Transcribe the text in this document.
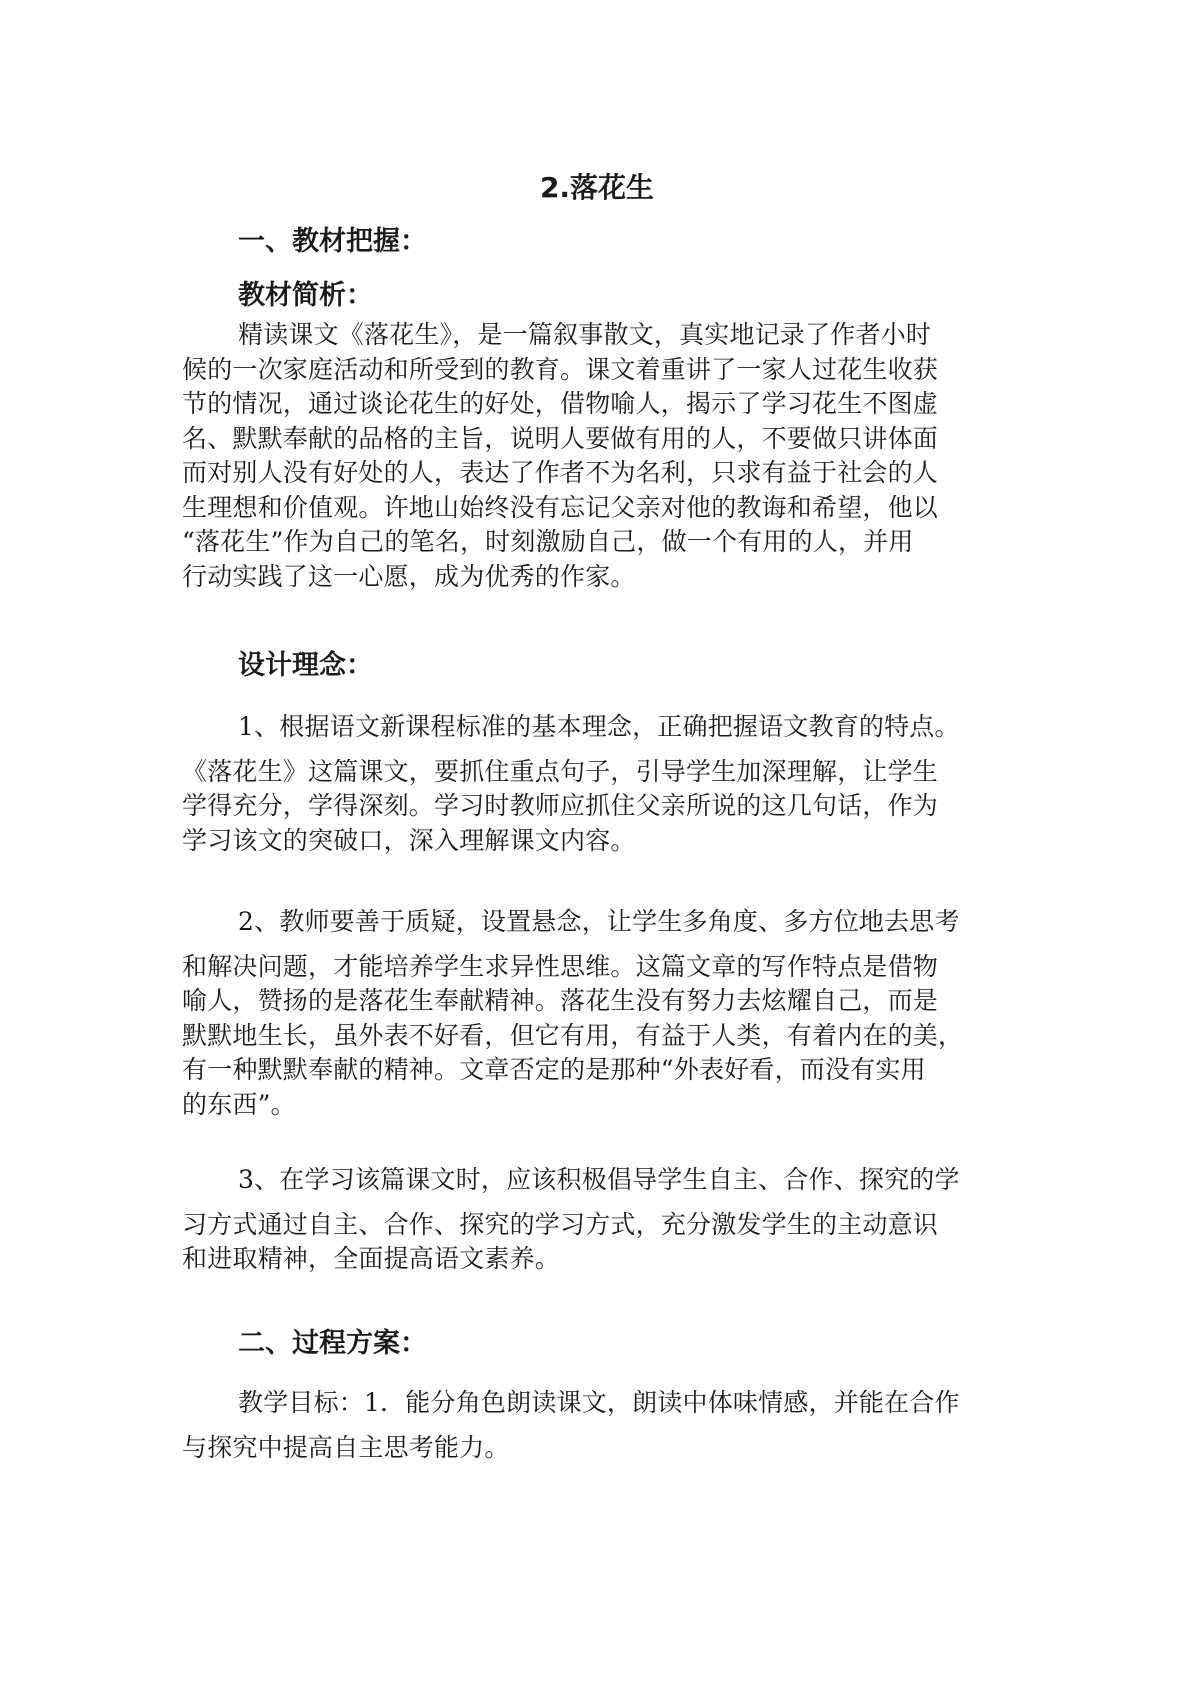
2.落花生
一、教材把握：
教材简析：
精读课文《落花生》，是一篇叙事散文，真实地记录了作者小时
候的一次家庭活动和所受到的教育。课文着重讲了一家人过花生收获
节的情况，通过谈论花生的好处，借物喻人，揭示了学习花生不图虚
名、默默奉献的品格的主旨，说明人要做有用的人，不要做只讲体面
而对别人没有好处的人，表达了作者不为名利，只求有益于社会的人
生理想和价值观。许地山始终没有忘记父亲对他的教诲和希望，他以
“落花生”作为自己的笔名，时刻激励自己，做一个有用的人，并用
行动实践了这一心愿，成为优秀的作家。
设计理念：
1、根据语文新课程标准的基本理念，正确把握语文教育的特点。
《落花生》这篇课文，要抓住重点句子，引导学生加深理解，让学生
学得充分，学得深刻。学习时教师应抓住父亲所说的这几句话，作为
学习该文的突破口，深入理解课文内容。
2、教师要善于质疑，设置悬念，让学生多角度、多方位地去思考
和解决问题，才能培养学生求异性思维。这篇文章的写作特点是借物
喻人，赞扬的是落花生奉献精神。落花生没有努力去炫耀自己，而是
默默地生长，虽外表不好看，但它有用，有益于人类，有着内在的美，
有一种默默奉献的精神。文章否定的是那种“外表好看，而没有实用
的东西”。
3、在学习该篇课文时，应该积极倡导学生自主、合作、探究的学
习方式通过自主、合作、探究的学习方式，充分激发学生的主动意识
和进取精神，全面提高语文素养。
二、过程方案：
教学目标：1．能分角色朗读课文，朗读中体味情感，并能在合作
与探究中提高自主思考能力。
